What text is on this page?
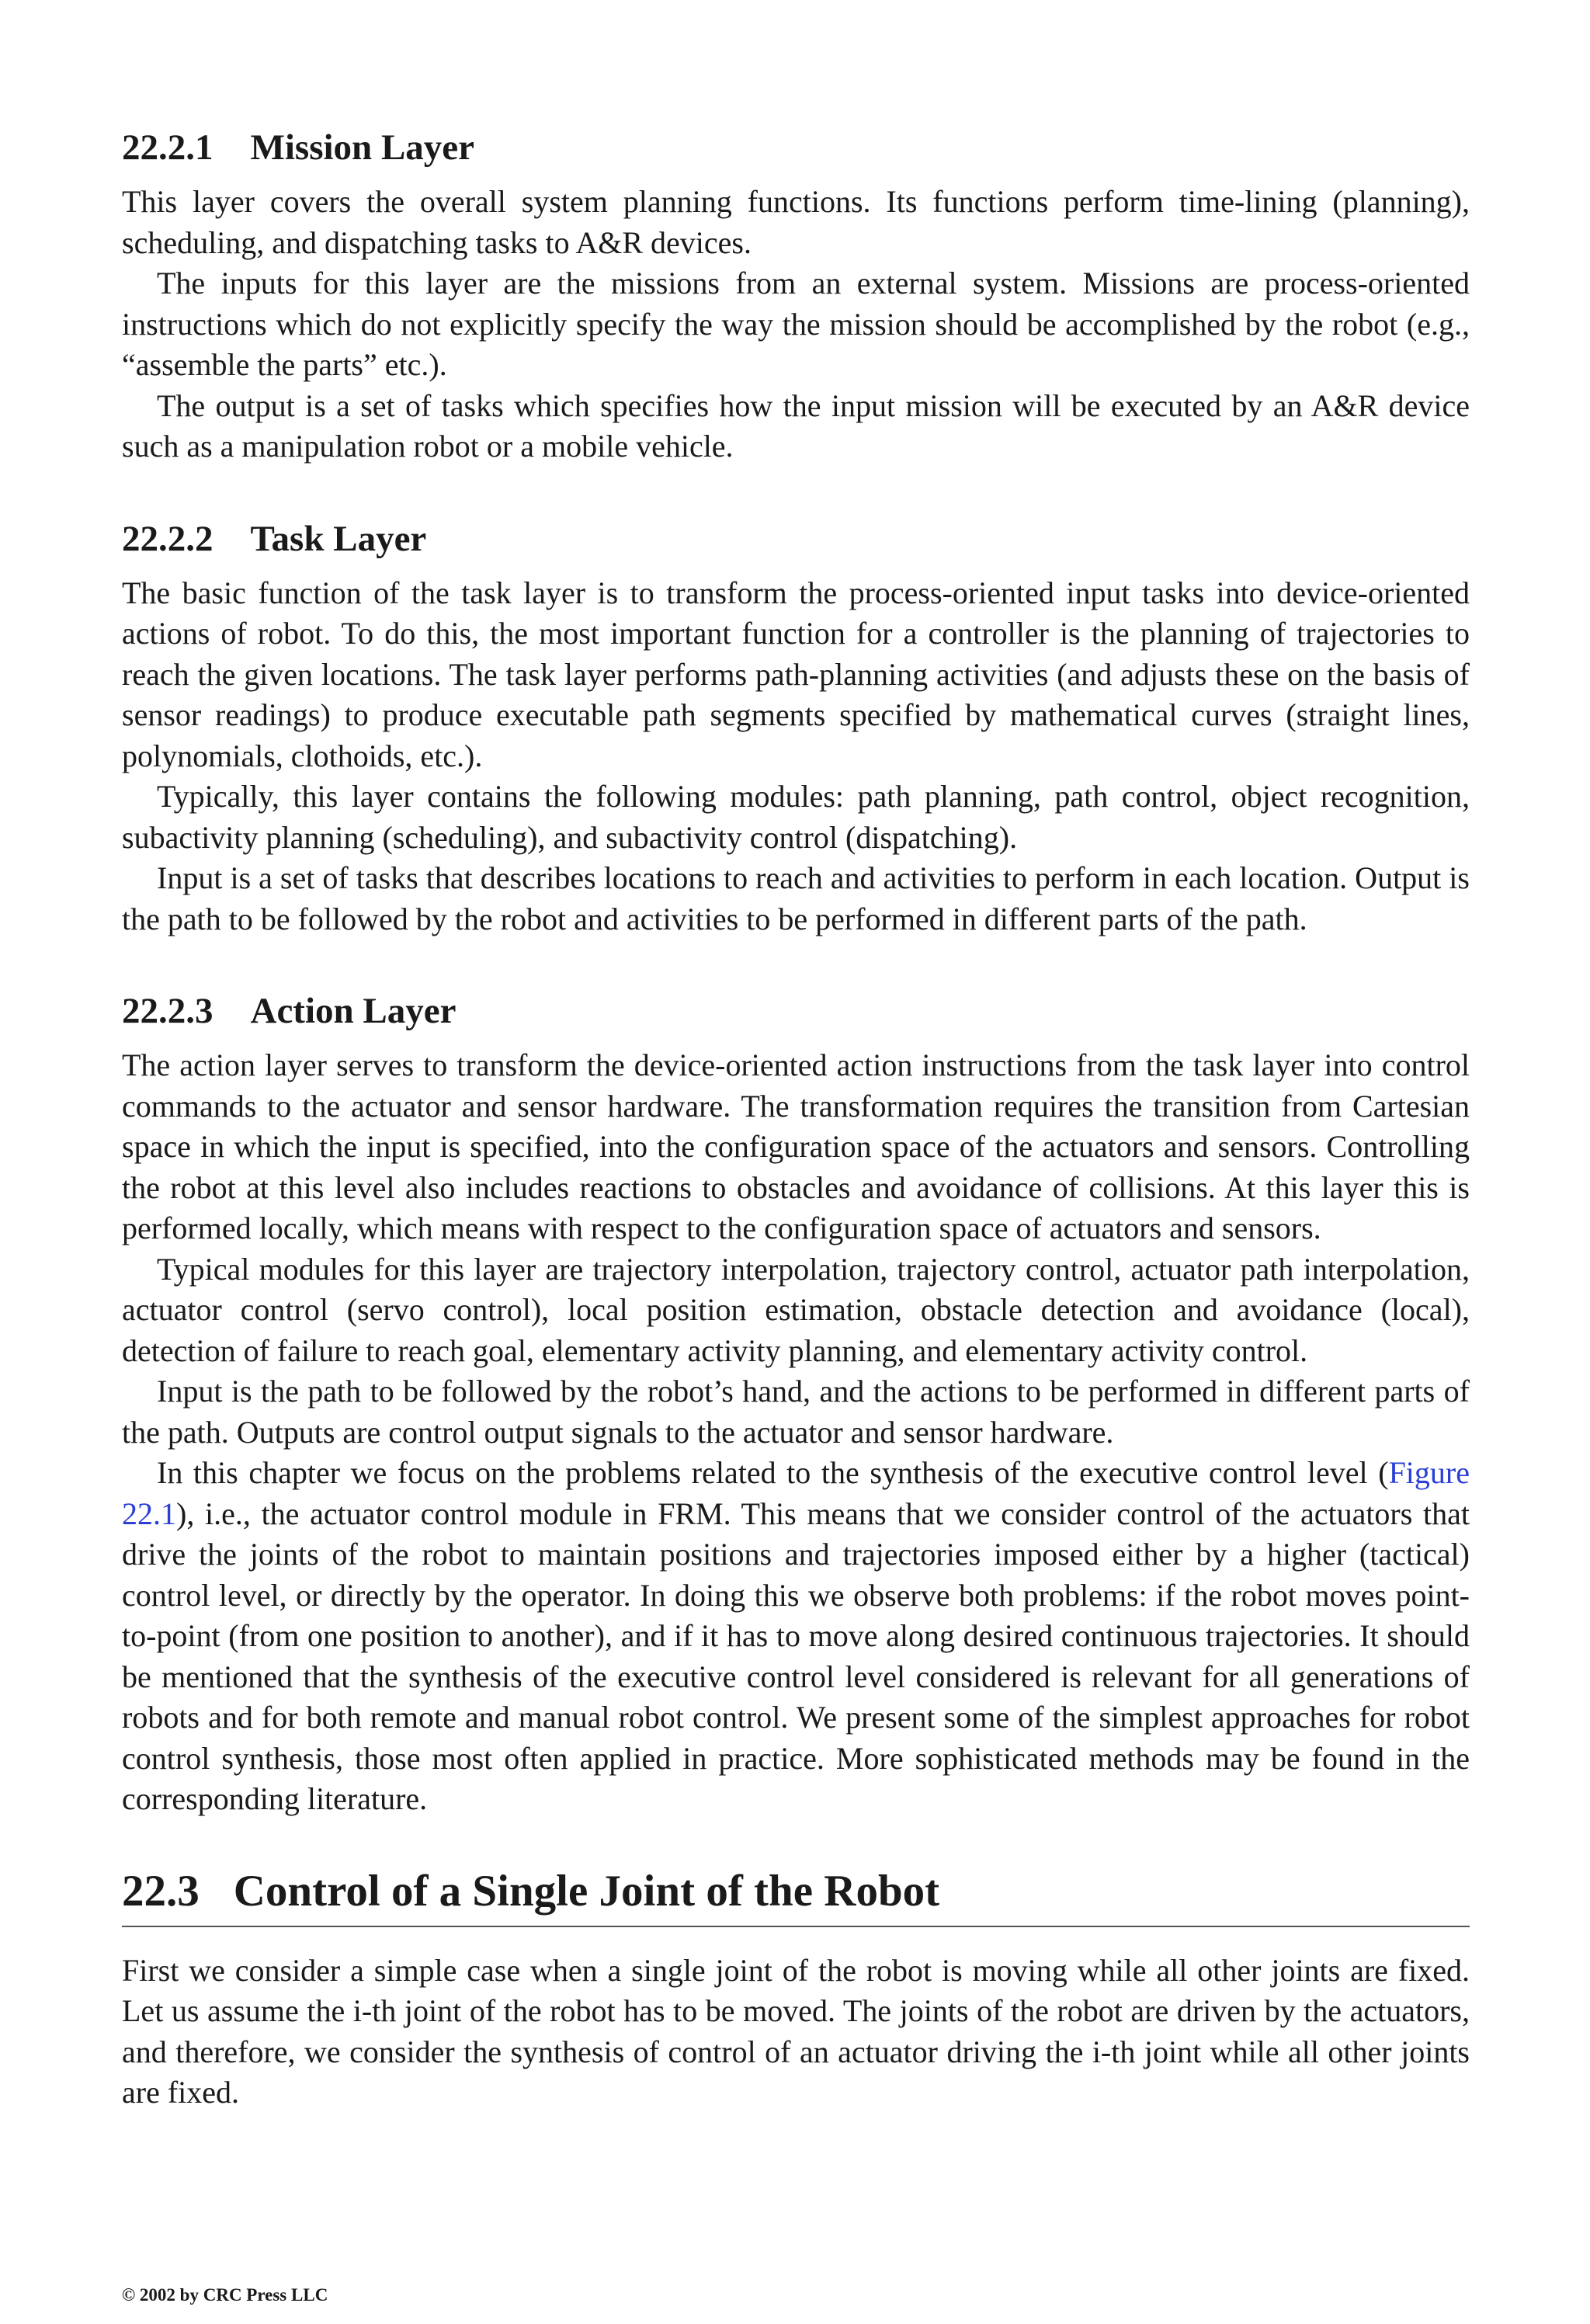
22.2.1 Mission Layer

This layer covers the overall system planning functions. Its functions perform time-lining (planning), scheduling, and dispatching tasks to A&R devices.

The inputs for this layer are the missions from an external system. Missions are process-oriented instructions which do not explicitly specify the way the mission should be accomplished by the robot (e.g., “assemble the parts” etc.).

The output is a set of tasks which specifies how the input mission will be executed by an A&R device such as a manipulation robot or a mobile vehicle.

22.2.2 Task Layer

The basic function of the task layer is to transform the process-oriented input tasks into device-oriented actions of robot. To do this, the most important function for a controller is the planning of trajectories to reach the given locations. The task layer performs path-planning activities (and adjusts these on the basis of sensor readings) to produce executable path segments specified by mathematical curves (straight lines, polynomials, clothoids, etc.).

Typically, this layer contains the following modules: path planning, path control, object recognition, subactivity planning (scheduling), and subactivity control (dispatching).

Input is a set of tasks that describes locations to reach and activities to perform in each location. Output is the path to be followed by the robot and activities to be performed in different parts of the path.

22.2.3 Action Layer

The action layer serves to transform the device-oriented action instructions from the task layer into control commands to the actuator and sensor hardware. The transformation requires the transition from Cartesian space in which the input is specified, into the configuration space of the actuators and sensors. Controlling the robot at this level also includes reactions to obstacles and avoidance of collisions. At this layer this is performed locally, which means with respect to the configuration space of actuators and sensors.

Typical modules for this layer are trajectory interpolation, trajectory control, actuator path interpolation, actuator control (servo control), local position estimation, obstacle detection and avoidance (local), detection of failure to reach goal, elementary activity planning, and elementary activity control.

Input is the path to be followed by the robot’s hand, and the actions to be performed in different parts of the path. Outputs are control output signals to the actuator and sensor hardware.

In this chapter we focus on the problems related to the synthesis of the executive control level (Figure 22.1), i.e., the actuator control module in FRM. This means that we consider control of the actuators that drive the joints of the robot to maintain positions and trajectories imposed either by a higher (tactical) control level, or directly by the operator. In doing this we observe both problems: if the robot moves point-to-point (from one position to another), and if it has to move along desired continuous trajectories. It should be mentioned that the synthesis of the executive control level considered is relevant for all generations of robots and for both remote and manual robot control. We present some of the simplest approaches for robot control synthesis, those most often applied in practice. More sophisticated methods may be found in the corresponding literature.

22.3 Control of a Single Joint of the Robot

First we consider a simple case when a single joint of the robot is moving while all other joints are fixed. Let us assume the i-th joint of the robot has to be moved. The joints of the robot are driven by the actuators, and therefore, we consider the synthesis of control of an actuator driving the i-th joint while all other joints are fixed.

© 2002 by CRC Press LLC
